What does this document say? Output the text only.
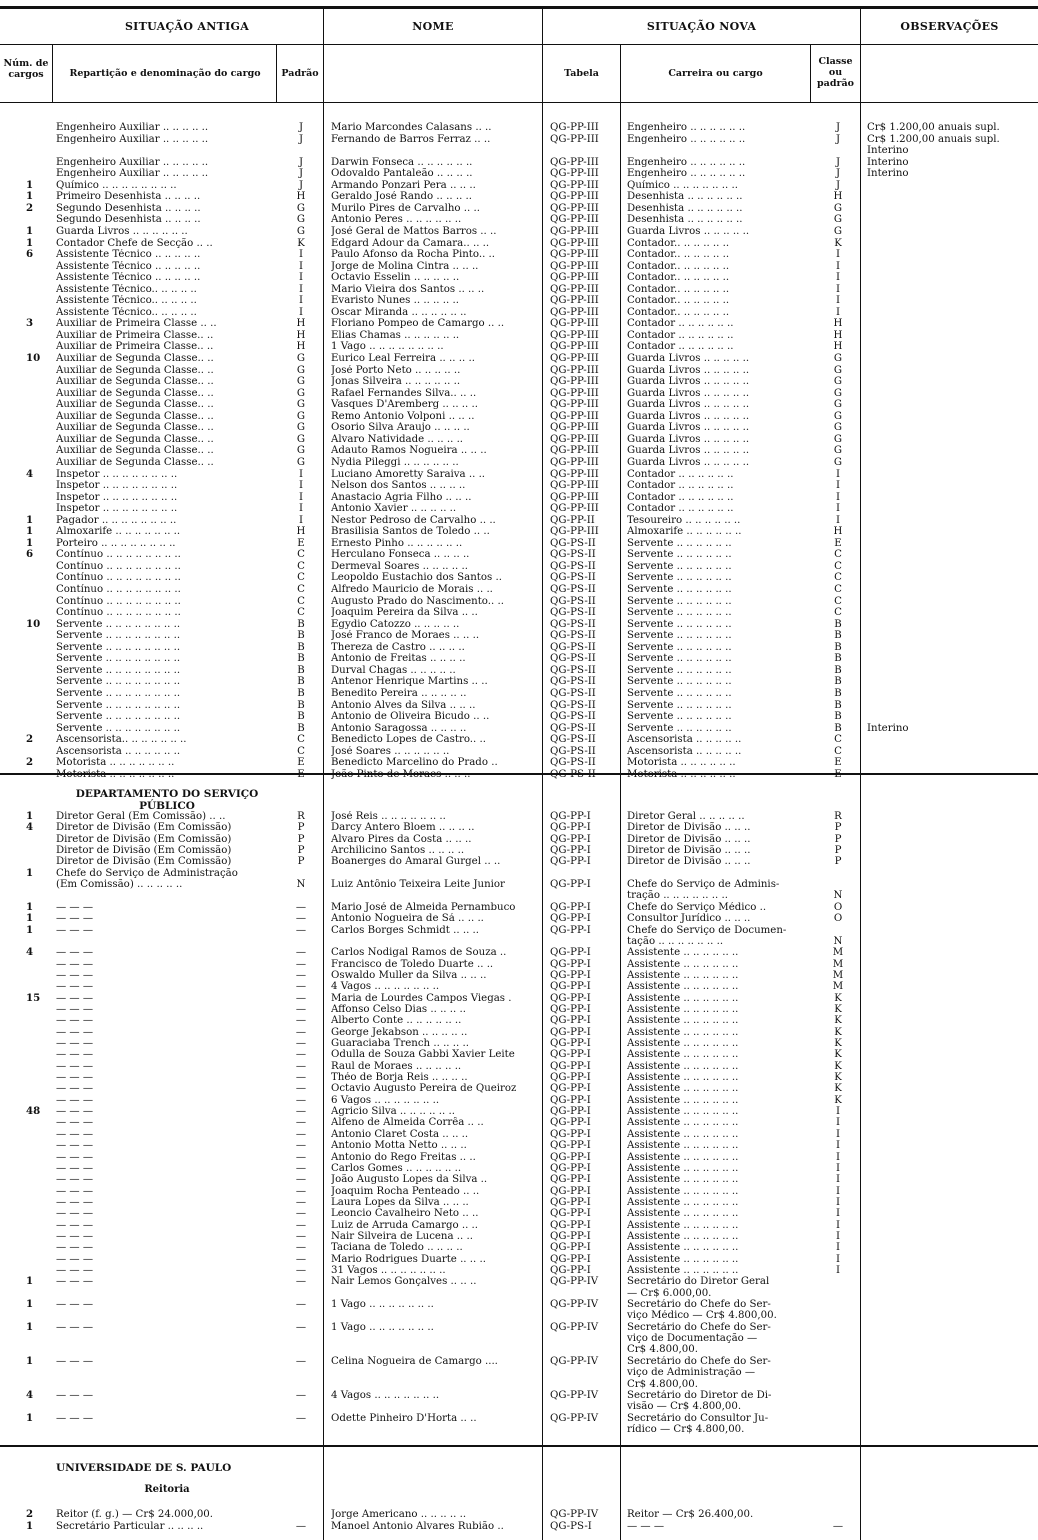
SITUAÇÃO ANTIGA	NOME	SITUAÇÃO NOVA	OBSERVAÇÕES
Núm. de cargos	Repartição e denominação do cargo	Padrão	Tabela	Carreira ou cargo
Classe ou padrão
Engenheiro Auxiliar .. .. .. .. ..	J	Mario Marcondes Calasans .. ..	QG-PP-III	Engenheiro .. .. .. .. .. ..	J	Cr$ 1.200,00 anuais supl.
Engenheiro Auxiliar .. .. .. .. ..	J	Fernando de Barros Ferraz .. ..	QG-PP-III	Engenheiro .. .. .. .. .. ..	J	Cr$ 1.200,00 anuais supl.
Interino
Engenheiro Auxiliar .. .. .. .. ..	J	Darwin Fonseca .. .. .. .. .. ..	QG-PP-III	Engenheiro .. .. .. .. .. ..	J	Interino
Engenheiro Auxiliar .. .. .. .. ..	J	Odovaldo Pantaleão .. .. .. ..	QG-PP-III	Engenheiro .. .. .. .. .. ..	J	Interino
1	Químico .. .. .. .. .. .. .. ..	J	Armando Ponzari Pera .. .. ..	QG-PP-III	Químico .. .. .. .. .. .. ..	J
1	Primeiro Desenhista .. .. .. ..	H	Geraldo José Rando .. .. .. ..	QG-PP-III	Desenhista .. .. .. .. .. ..	H
2	Segundo Desenhista .. .. .. ..	G	Murilo Pires de Carvalho .. ..	QG-PP-III	Desenhista .. .. .. .. .. ..	G
Segundo Desenhista .. .. .. ..	G	Antonio Peres .. .. .. .. .. ..	QG-PP-III	Desenhista .. .. .. .. .. ..	G
1	Guarda Livros .. .. .. .. .. ..	G	José Geral de Mattos Barros .. ..	QG-PP-III	Guarda Livros .. .. .. .. ..	G
1	Contador Chefe de Secção .. ..	K	Edgard Adour da Camara.. .. ..	QG-PP-III	Contador.. .. .. .. .. ..	K
6	Assistente Técnico .. .. .. .. ..	I	Paulo Afonso da Rocha Pinto.. ..	QG-PP-III	Contador.. .. .. .. .. ..	I
Assistente Técnico .. .. .. .. ..	I	Jorge de Molina Cintra .. .. ..	QG-PP-III	Contador.. .. .. .. .. ..	I
Assistente Técnico .. .. .. .. ..	I	Octavio Esselin .. .. .. .. ..	QG-PP-III	Contador.. .. .. .. .. ..	I
Assistente Técnico.. .. .. .. ..	I	Mario Vieira dos Santos .. .. ..	QG-PP-III	Contador.. .. .. .. .. ..	I
Assistente Técnico.. .. .. .. ..	I	Evaristo Nunes .. .. .. .. ..	QG-PP-III	Contador.. .. .. .. .. ..	I
Assistente Técnico.. .. .. .. ..	I	Oscar Miranda .. .. .. .. .. ..	QG-PP-III	Contador.. .. .. .. .. ..	I
3	Auxiliar de Primeira Classe .. ..	H	Floriano Pompeo de Camargo .. ..	QG-PP-III	Contador .. .. .. .. .. ..	H
Auxiliar de Primeira Classe.. ..	H	Elias Chamas .. .. .. .. .. ..	QG-PP-III	Contador .. .. .. .. .. ..	H
Auxiliar de Primeira Classe.. ..	H	1 Vago .. .. .. .. .. .. .. ..	QG-PP-III	Contador .. .. .. .. .. ..	H
10	Auxiliar de Segunda Classe.. ..	G	Eurico Leal Ferreira .. .. .. ..	QG-PP-III	Guarda Livros .. .. .. .. ..	G
Auxiliar de Segunda Classe.. ..	G	José Porto Neto .. .. .. .. ..	QG-PP-III	Guarda Livros .. .. .. .. ..	G
Auxiliar de Segunda Classe.. ..	G	Jonas Silveira .. .. .. .. .. ..	QG-PP-III	Guarda Livros .. .. .. .. ..	G
Auxiliar de Segunda Classe.. ..	G	Rafael Fernandes Silva.. .. ..	QG-PP-III	Guarda Livros .. .. .. .. ..	G
Auxiliar de Segunda Classe.. ..	G	Vasques D'Aremberg .. .. .. ..	QG-PP-III	Guarda Livros .. .. .. .. ..	G
Auxiliar de Segunda Classe.. ..	G	Remo Antonio Volponi .. .. ..	QG-PP-III	Guarda Livros .. .. .. .. ..	G
Auxiliar de Segunda Classe.. ..	G	Osorio Silva Araujo .. .. .. ..	QG-PP-III	Guarda Livros .. .. .. .. ..	G
Auxiliar de Segunda Classe.. ..	G	Alvaro Natividade .. .. .. ..	QG-PP-III	Guarda Livros .. .. .. .. ..	G
Auxiliar de Segunda Classe.. ..	G	Adauto Ramos Nogueira .. .. ..	QG-PP-III	Guarda Livros .. .. .. .. ..	G
Auxiliar de Segunda Classe.. ..	G	Nydia Pileggi .. .. .. .. .. ..	QG-PP-III	Guarda Livros .. .. .. .. ..	G
4	Inspetor .. .. .. .. .. .. .. ..	I	Luciano Amoretty Saraiva .. ..	QG-PP-III	Contador .. .. .. .. .. ..	I
Inspetor .. .. .. .. .. .. .. ..	I	Nelson dos Santos .. .. .. ..	QG-PP-III	Contador .. .. .. .. .. ..	I
Inspetor .. .. .. .. .. .. .. ..	I	Anastacio Agria Filho .. .. ..	QG-PP-III	Contador .. .. .. .. .. ..	I
Inspetor .. .. .. .. .. .. .. ..	I	Antonio Xavier .. .. .. .. ..	QG-PP-III	Contador .. .. .. .. .. ..	I
1	Pagador .. .. .. .. .. .. .. ..	I	Nestor Pedroso de Carvalho .. ..	QG-PP-II	Tesoureiro .. .. .. .. .. ..	I
1	Almoxarife .. .. .. .. .. .. ..	H	Brasilisia Santos de Toledo .. ..	QG-PP-III	Almoxarife .. .. .. .. .. ..	H
1	Porteiro .. .. .. .. .. .. .. ..	E	Ernesto Pinho .. .. .. .. .. ..	QG-PS-II	Servente .. .. .. .. .. ..	E
6	Contínuo .. .. .. .. .. .. .. ..	C	Herculano Fonseca .. .. .. ..	QG-PS-II	Servente .. .. .. .. .. ..	C
Contínuo .. .. .. .. .. .. .. ..	C	Dermeval Soares .. .. .. .. ..	QG-PS-II	Servente .. .. .. .. .. ..	C
Contínuo .. .. .. .. .. .. .. ..	C	Leopoldo Eustachio dos Santos ..	QG-PS-II	Servente .. .. .. .. .. ..	C
Contínuo .. .. .. .. .. .. .. ..	C	Alfredo Mauricio de Morais .. ..	QG-PS-II	Servente .. .. .. .. .. ..	C
Contínuo .. .. .. .. .. .. .. ..	C	Augusto Prado do Nascimento.. ..	QG-PS-II	Servente .. .. .. .. .. ..	C
Contínuo .. .. .. .. .. .. .. ..	C	Joaquim Pereira da Silva .. ..	QG-PS-II	Servente .. .. .. .. .. ..	C
10	Servente .. .. .. .. .. .. .. ..	B	Egydio Catozzo .. .. .. .. ..	QG-PS-II	Servente .. .. .. .. .. ..	B
Servente .. .. .. .. .. .. .. ..	B	José Franco de Moraes .. .. ..	QG-PS-II	Servente .. .. .. .. .. ..	B
Servente .. .. .. .. .. .. .. ..	B	Thereza de Castro .. .. .. ..	QG-PS-II	Servente .. .. .. .. .. ..	B
Servente .. .. .. .. .. .. .. ..	B	Antonio de Freitas .. .. .. ..	QG-PS-II	Servente .. .. .. .. .. ..	B
Servente .. .. .. .. .. .. .. ..	B	Durval Chagas .. .. .. .. ..	QG-PS-II	Servente .. .. .. .. .. ..	B
Servente .. .. .. .. .. .. .. ..	B	Antenor Henrique Martins .. ..	QG-PS-II	Servente .. .. .. .. .. ..	B
Servente .. .. .. .. .. .. .. ..	B	Benedito Pereira .. .. .. .. ..	QG-PS-II	Servente .. .. .. .. .. ..	B
Servente .. .. .. .. .. .. .. ..	B	Antonio Alves da Silva .. .. ..	QG-PS-II	Servente .. .. .. .. .. ..	B
Servente .. .. .. .. .. .. .. ..	B	Antonio de Oliveira Bicudo .. ..	QG-PS-II	Servente .. .. .. .. .. ..	B
Servente .. .. .. .. .. .. .. ..	B	Antonio Saragossa .. .. .. ..	QG-PS-II	Servente .. .. .. .. .. ..	B	Interino
2	Ascensorista.. .. .. .. .. .. ..	C	Benedicto Lopes de Castro.. ..	QG-PS-II	Ascensorista .. .. .. .. ..	C
Ascensorista .. .. .. .. .. ..	C	José Soares .. .. .. .. .. ..	QG-PS-II	Ascensorista .. .. .. .. ..	C
2	Motorista .. .. .. .. .. .. ..	E	Benedicto Marcelino do Prado ..	QG-PS-II	Motorista .. .. .. .. .. ..	E
Motorista .. .. .. .. .. .. ..	E	João Pinto de Moraes .. .. ..	QG-PS-II	Motorista .. .. .. .. .. ..	E
DEPARTAMENTO DO SERVIÇO PÚBLICO
1	Diretor Geral (Em Comissão) .. ..	R	José Reis .. .. .. .. .. .. ..	QG-PP-I	Diretor Geral .. .. .. .. ..	R
4	Diretor de Divisão (Em Comissão)	P	Darcy Antero Bloem .. .. .. ..	QG-PP-I	Diretor de Divisão .. .. ..	P
Diretor de Divisão (Em Comissão)	P	Alvaro Pires da Costa .. .. ..	QG-PP-I	Diretor de Divisão .. .. ..	P
Diretor de Divisão (Em Comissão)	P	Archilicino Santos .. .. .. ..	QG-PP-I	Diretor de Divisão .. .. ..	P
Diretor de Divisão (Em Comissão)	P	Boanerges do Amaral Gurgel .. ..	QG-PP-I	Diretor de Divisão .. .. ..	P
1	Chefe do Serviço de Administração
(Em Comissão) .. .. .. .. ..	N	Luiz Antônio Teixeira Leite Junior	QG-PP-I	Chefe do Serviço de Adminis-
tração .. .. .. .. .. .. ..	N
1	— — —	—	Mario José de Almeida Pernambuco	QG-PP-I	Chefe do Serviço Médico ..	O
1	— — —	—	Antonio Nogueira de Sá .. .. ..	QG-PP-I	Consultor Jurídico .. .. ..	O
1	— — —	—	Carlos Borges Schmidt .. .. ..	QG-PP-I	Chefe do Serviço de Documen-
tação .. .. .. .. .. .. ..	N
4	— — —	—	Carlos Nodigal Ramos de Souza ..	QG-PP-I	Assistente .. .. .. .. .. ..	M
— — —	—	Francisco de Toledo Duarte .. ..	QG-PP-I	Assistente .. .. .. .. .. ..	M
— — —	—	Oswaldo Muller da Silva .. .. ..	QG-PP-I	Assistente .. .. .. .. .. ..	M
— — —	—	4 Vagos .. .. .. .. .. .. ..	QG-PP-I	Assistente .. .. .. .. .. ..	M
15	— — —	—	Maria de Lourdes Campos Viegas .	QG-PP-I	Assistente .. .. .. .. .. ..	K
— — —	—	Affonso Celso Dias .. .. .. ..	QG-PP-I	Assistente .. .. .. .. .. ..	K
— — —	—	Alberto Conte .. .. .. .. .. ..	QG-PP-I	Assistente .. .. .. .. .. ..	K
— — —	—	George Jekabson .. .. .. .. ..	QG-PP-I	Assistente .. .. .. .. .. ..	K
— — —	—	Guaraciaba Trench .. .. .. ..	QG-PP-I	Assistente .. .. .. .. .. ..	K
— — —	—	Odulla de Souza Gabbi Xavier Leite	QG-PP-I	Assistente .. .. .. .. .. ..	K
— — —	—	Raul de Moraes .. .. .. .. ..	QG-PP-I	Assistente .. .. .. .. .. ..	K
— — —	—	Théo de Borja Reis .. .. .. ..	QG-PP-I	Assistente .. .. .. .. .. ..	K
— — —	—	Octavio Augusto Pereira de Queiroz	QG-PP-I	Assistente .. .. .. .. .. ..	K
— — —	—	6 Vagos .. .. .. .. .. .. ..	QG-PP-I	Assistente .. .. .. .. .. ..	K
48	— — —	—	Agricio Silva .. .. .. .. .. ..	QG-PP-I	Assistente .. .. .. .. .. ..	I
— — —	—	Alfeno de Almeida Corrêa .. ..	QG-PP-I	Assistente .. .. .. .. .. ..	I
— — —	—	Antonio Claret Costa .. .. ..	QG-PP-I	Assistente .. .. .. .. .. ..	I
— — —	—	Antonio Motta Netto .. .. ..	QG-PP-I	Assistente .. .. .. .. .. ..	I
— — —	—	Antonio do Rego Freitas .. ..	QG-PP-I	Assistente .. .. .. .. .. ..	I
— — —	—	Carlos Gomes .. .. .. .. .. ..	QG-PP-I	Assistente .. .. .. .. .. ..	I
— — —	—	João Augusto Lopes da Silva ..	QG-PP-I	Assistente .. .. .. .. .. ..	I
— — —	—	Joaquim Rocha Penteado .. ..	QG-PP-I	Assistente .. .. .. .. .. ..	I
— — —	—	Laura Lopes da Silva .. .. ..	QG-PP-I	Assistente .. .. .. .. .. ..	I
— — —	—	Leoncio Cavalheiro Neto .. ..	QG-PP-I	Assistente .. .. .. .. .. ..	I
— — —	—	Luiz de Arruda Camargo .. ..	QG-PP-I	Assistente .. .. .. .. .. ..	I
— — —	—	Nair Silveira de Lucena .. ..	QG-PP-I	Assistente .. .. .. .. .. ..	I
— — —	—	Taciana de Toledo .. .. .. ..	QG-PP-I	Assistente .. .. .. .. .. ..	I
— — —	—	Mario Rodrigues Duarte .. .. ..	QG-PP-I	Assistente .. .. .. .. .. ..	I
— — —	—	31 Vagos .. .. .. .. .. .. ..	QG-PP-I	Assistente .. .. .. .. .. ..	I
1	— — —	—	Nair Lemos Gonçalves .. .. ..	QG-PP-IV	Secretário do Diretor Geral
— Cr$ 6.000,00.
1	— — —	—	1 Vago .. .. .. .. .. .. ..	QG-PP-IV	Secretário do Chefe do Ser-
viço Médico — Cr$ 4.800,00.
1	— — —	—	1 Vago .. .. .. .. .. .. ..	QG-PP-IV	Secretário do Chefe do Ser-
viço de Documentação —
Cr$ 4.800,00.
1	— — —	—	Celina Nogueira de Camargo ....	QG-PP-IV	Secretário do Chefe do Ser-
viço de Administração —
Cr$ 4.800,00.
4	— — —	—	4 Vagos .. .. .. .. .. .. ..	QG-PP-IV	Secretário do Diretor de Di-
visão — Cr$ 4.800,00.
1	— — —	—	Odette Pinheiro D'Horta .. ..	QG-PP-IV	Secretário do Consultor Ju-
rídico — Cr$ 4.800,00.
UNIVERSIDADE DE S. PAULO
Reitoria
2	Reitor (f. g.) — Cr$ 24.000,00.	Jorge Americano .. .. .. .. ..	QG-PP-IV	Reitor — Cr$ 26.400,00.
1	Secretário Particular .. .. .. ..	—	Manoel Antonio Alvares Rubião ..	QG-PS-I	— — —	—
